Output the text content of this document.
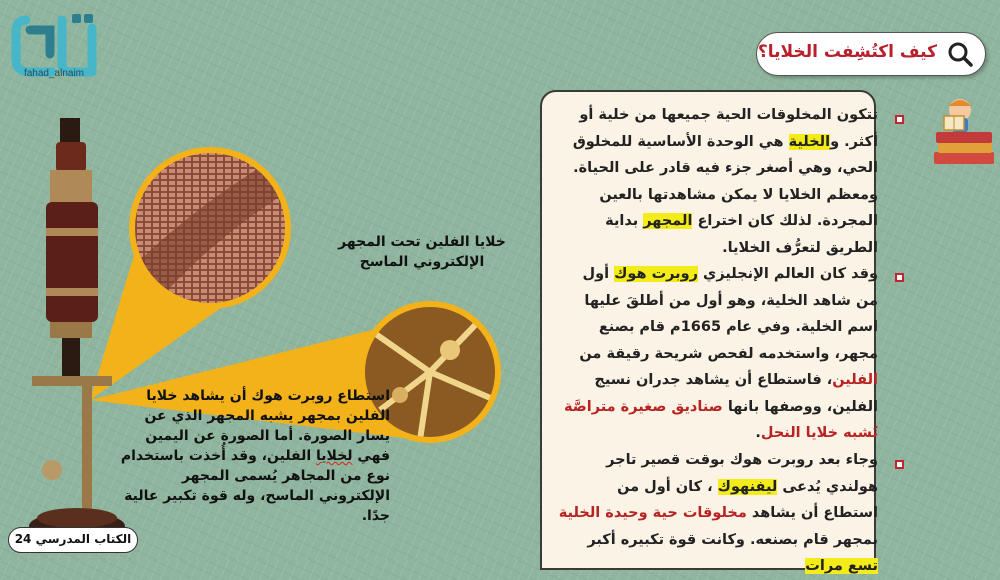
fahad_alnaim
كيف اكتُشِفت الخلايا؟

تتكون المخلوقات الحية جميعها من خلية أو أكثر. والخلية هي الوحدة الأساسية للمخلوق الحي، وهي أصغر جزء فيه قادر على الحياة. ومعظم الخلايا لا يمكن مشاهدتها بالعين المجردة. لذلك كان اختراع المجهر بداية الطريق لتعرُّف الخلايا.

وقد كان العالم الإنجليزي روبرت هوك أول من شاهد الخلية، وهو أول من أطلقَ عليها اسم الخلية. وفي عام 1665م قام بصنع مجهر، واستخدمه لفحص شريحة رقيقة من الفلين، فاستطاع أن يشاهد جدران نسيج الفلين، ووصفها بانها صناديق صغيرة متراصَّة تُشبه خلايا النحل.

وجاء بعد روبرت هوك بوقت قصير تاجر هولندي يُدعى ليفنهوك ، كان أول من استطاع أن يشاهد مخلوقات حية وحيدة الخلية بمجهر قام بصنعه. وكانت قوة تكبيره أكبر تسع مرات

خلايا الفلين تحت المجهر الإلكتروني الماسح
استطاع روبرت هوك أن يشاهد خلايا الفلين بمجهر يشبه المجهر الذي عن يسار الصورة. أما الصورة عن اليمين فهي لخلايا الفلين، وقد أُخذت باستخدام نوع من المجاهر يُسمى المجهر الإلكتروني الماسح، وله قوة تكبير عالية جدًا.
الكتاب المدرسي 24
